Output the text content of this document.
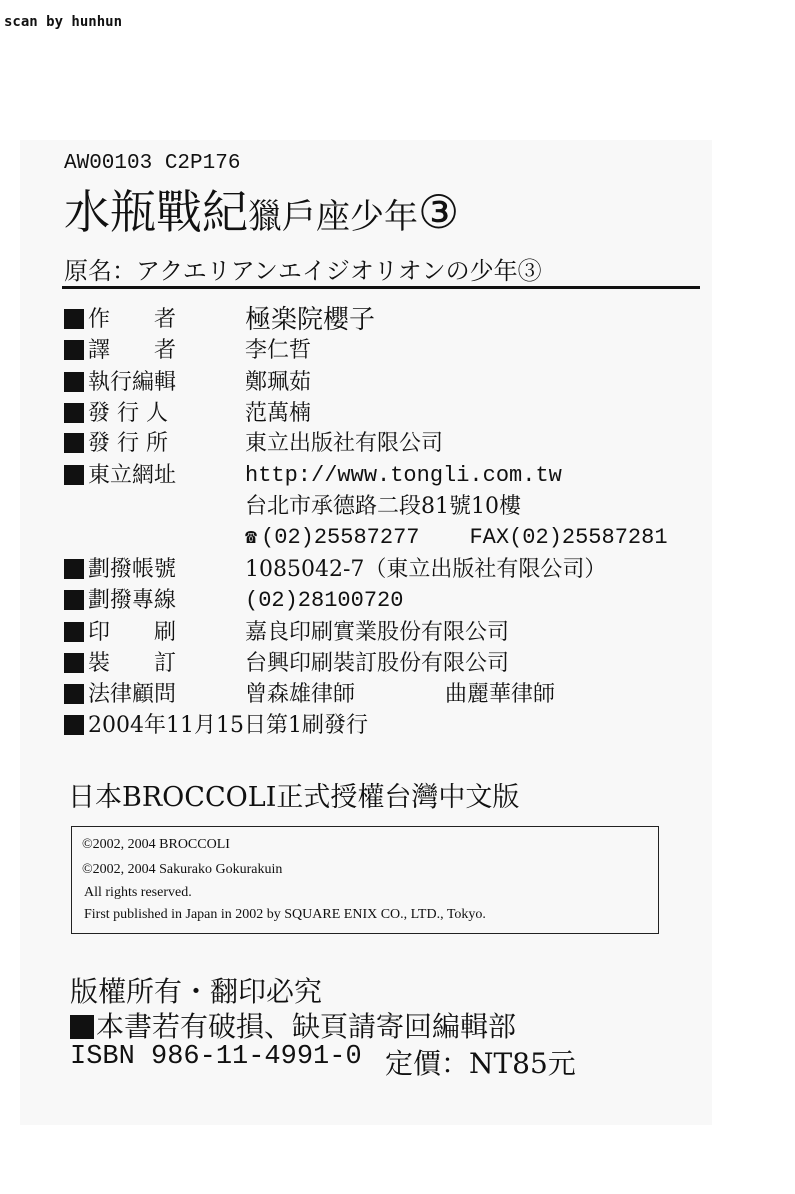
scan by hunhun
AW00103 C2P176
水瓶戰紀獵戶座少年③
原名：アクエリアンエイジオリオンの少年③
作　　者	極楽院櫻子
譯　　者	李仁哲
執行編輯	鄭珮茹
發 行 人	范萬楠
發 行 所	東立出版社有限公司
東立網址	http://www.tongli.com.tw
台北市承德路二段81號10樓
☎ (02)25587277 FAX(02)25587281
劃撥帳號	1085042-7（東立出版社有限公司）
劃撥專線	(02)28100720
印　　刷	嘉良印刷實業股份有限公司
裝　　訂	台興印刷裝訂股份有限公司
法律顧問	曾森雄律師	曲麗華律師
2004年11月15日第1刷發行
日本BROCCOLI正式授權台灣中文版
©2002, 2004 BROCCOLI
©2002, 2004 Sakurako Gokurakuin
All rights reserved.
First published in Japan in 2002 by SQUARE ENIX CO., LTD., Tokyo.
版權所有・翻印必究
本書若有破損、缺頁請寄回編輯部
ISBN 986-11-4991-0 定價：NT85元
